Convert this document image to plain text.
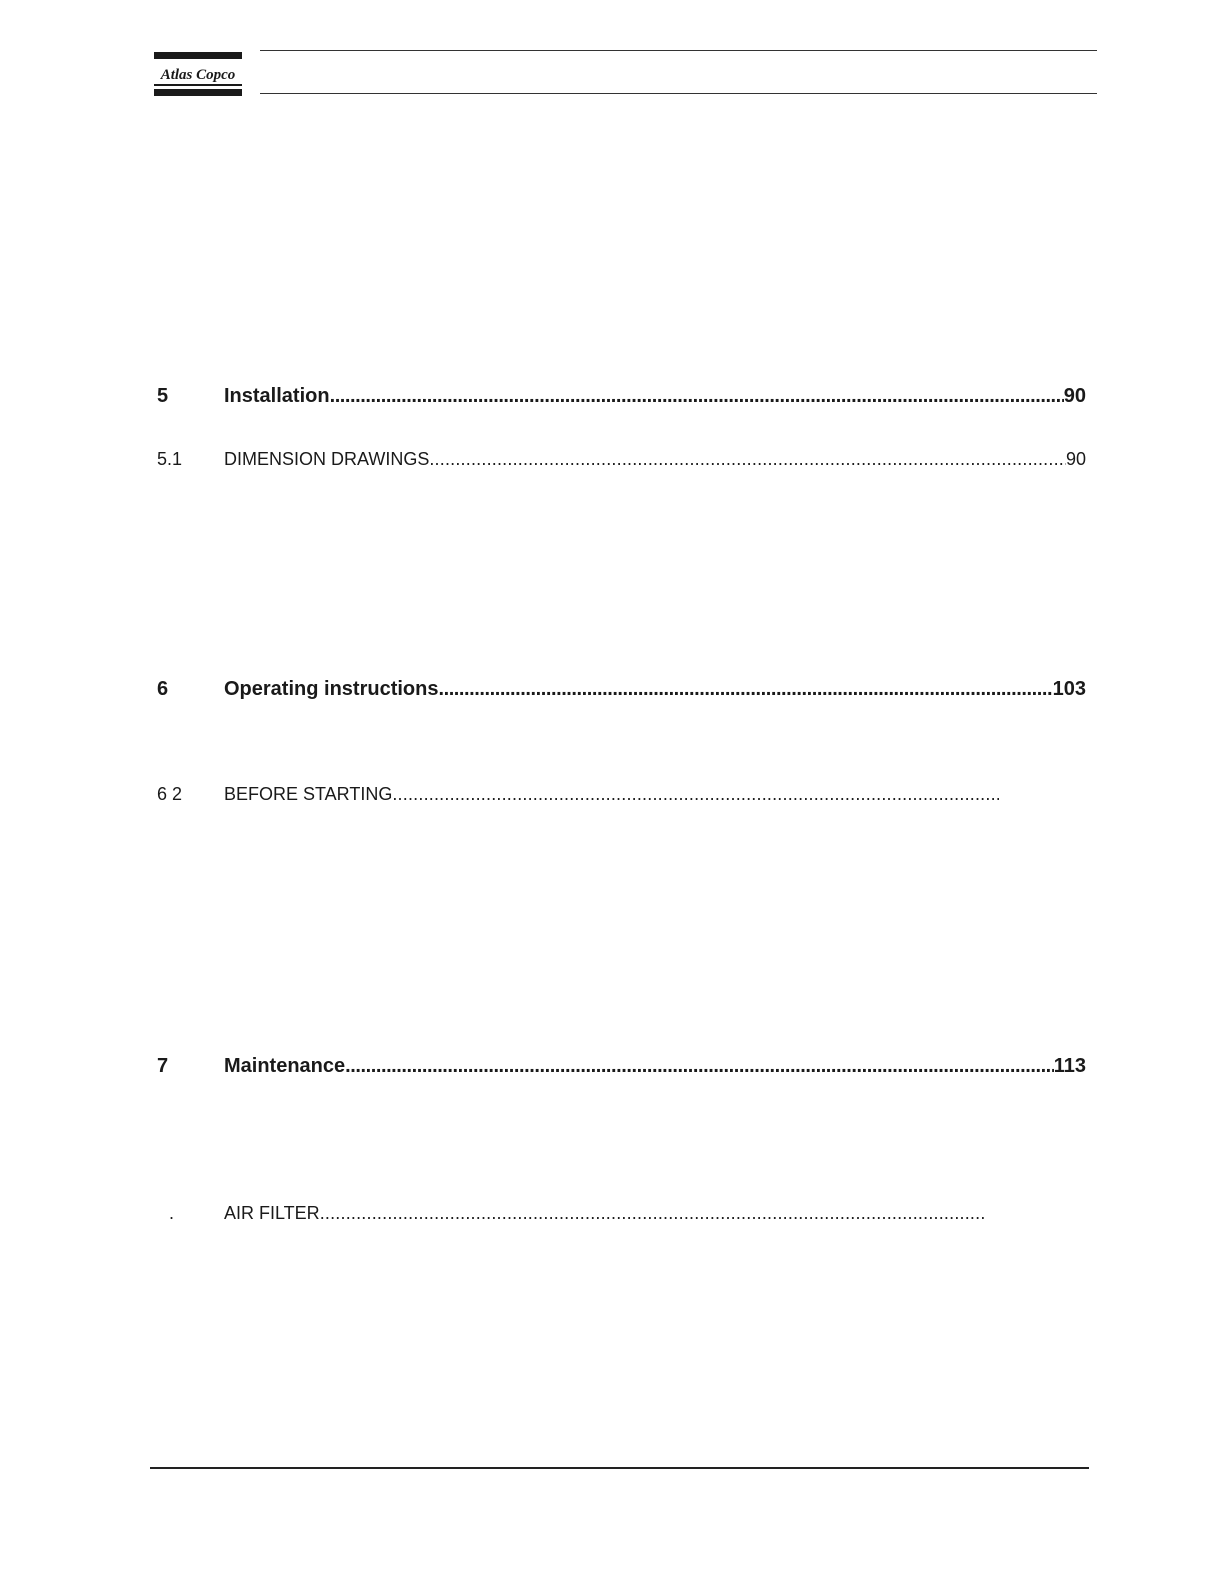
Atlas Copco
5	Installation . . .	90
5.1	DIMENSION DRAWINGS . . .	90
6	Operating instructions . . .	103
6 2	BEFORE STARTING
. . .
7	Maintenance . . .	113
.	AIR FILTER
. . .
